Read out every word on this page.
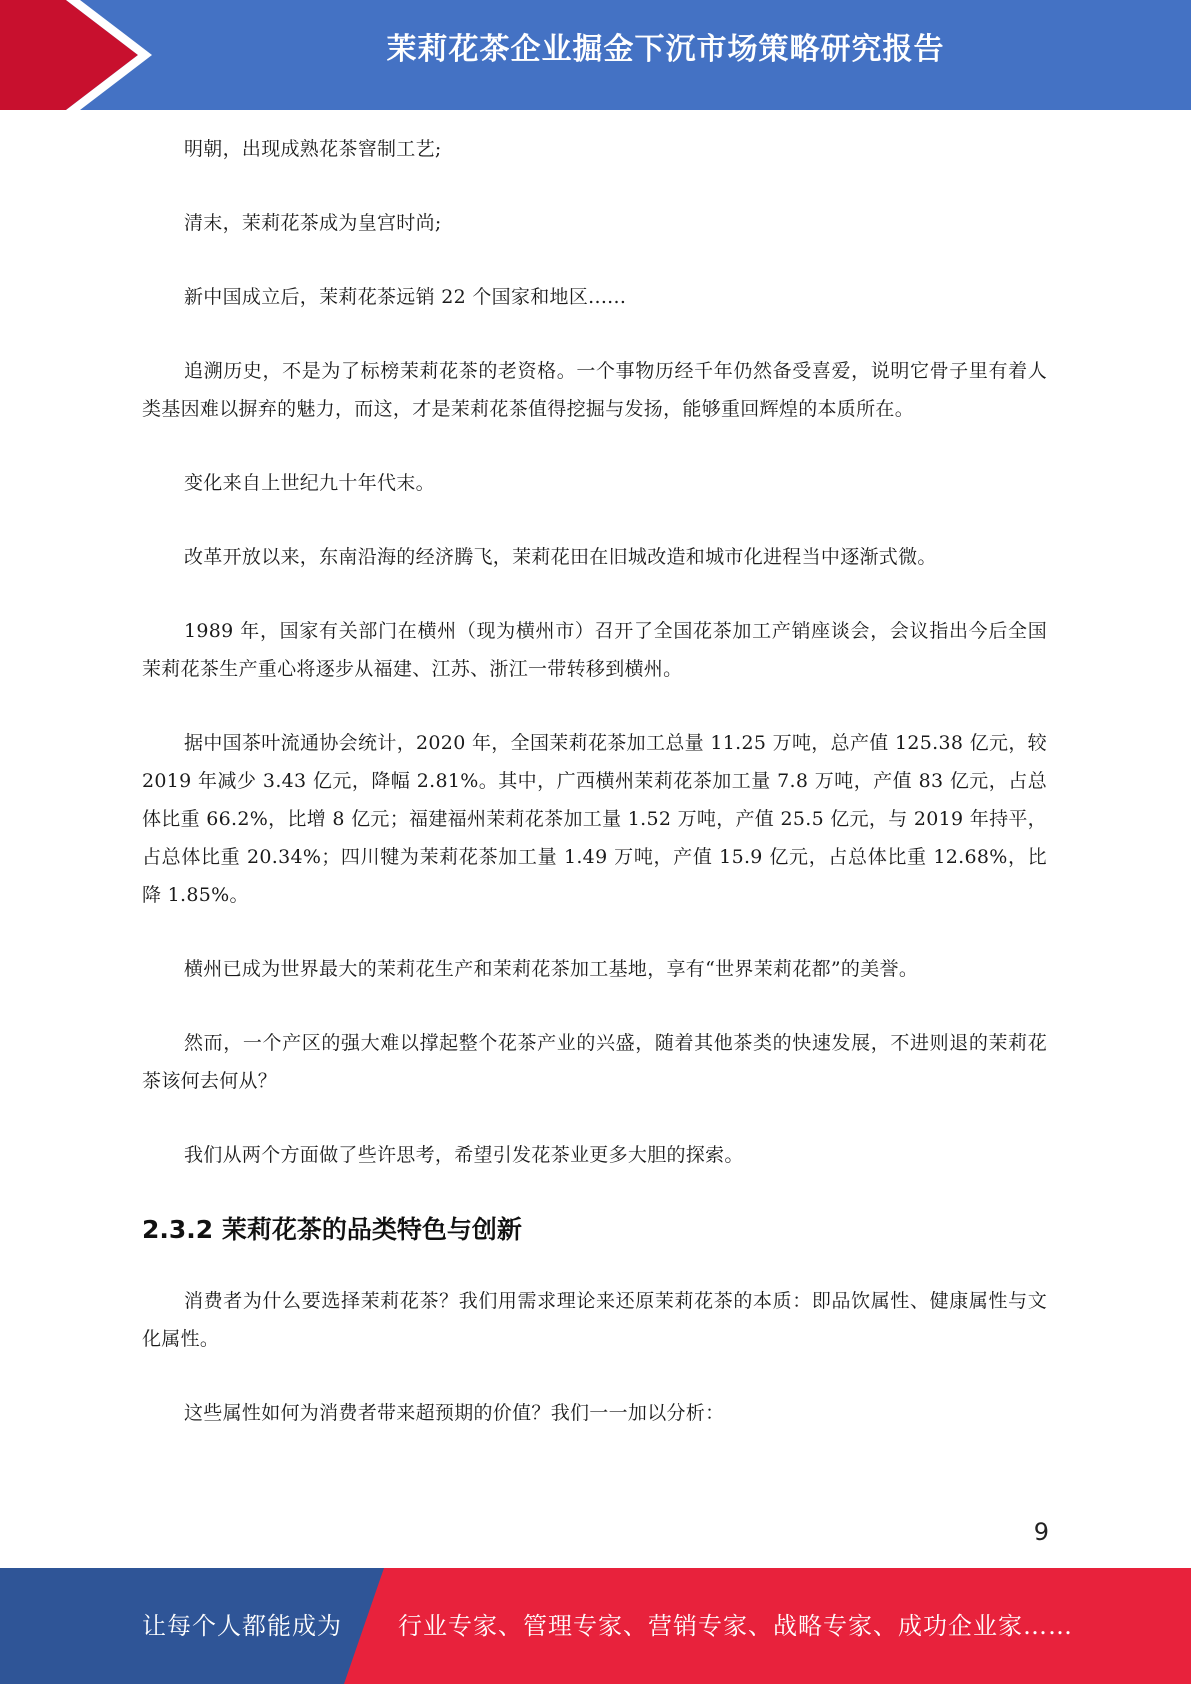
茉莉花茶企业掘金下沉市场策略研究报告

明朝，出现成熟花茶窨制工艺;

清末，茉莉花茶成为皇宫时尚;

新中国成立后，茉莉花茶远销 22 个国家和地区......

追溯历史，不是为了标榜茉莉花茶的老资格。一个事物历经千年仍然备受喜爱，说明它骨子里有着人类基因难以摒弃的魅力，而这，才是茉莉花茶值得挖掘与发扬，能够重回辉煌的本质所在。

变化来自上世纪九十年代末。

改革开放以来，东南沿海的经济腾飞，茉莉花田在旧城改造和城市化进程当中逐渐式微。

1989 年，国家有关部门在横州（现为横州市）召开了全国花茶加工产销座谈会，会议指出今后全国茉莉花茶生产重心将逐步从福建、江苏、浙江一带转移到横州。

据中国茶叶流通协会统计，2020 年，全国茉莉花茶加工总量 11.25 万吨，总产值 125.38 亿元，较 2019 年减少 3.43 亿元，降幅 2.81%。其中，广西横州茉莉花茶加工量 7.8 万吨，产值 83 亿元，占总体比重 66.2%，比增 8 亿元；福建福州茉莉花茶加工量 1.52 万吨，产值 25.5 亿元，与 2019 年持平，占总体比重 20.34%；四川犍为茉莉花茶加工量 1.49 万吨，产值 15.9 亿元，占总体比重 12.68%，比降 1.85%。

横州已成为世界最大的茉莉花生产和茉莉花茶加工基地，享有“世界茉莉花都”的美誉。

然而，一个产区的强大难以撑起整个花茶产业的兴盛，随着其他茶类的快速发展，不进则退的茉莉花茶该何去何从？

我们从两个方面做了些许思考，希望引发花茶业更多大胆的探索。

2.3.2 茉莉花茶的品类特色与创新

消费者为什么要选择茉莉花茶？我们用需求理论来还原茉莉花茶的本质：即品饮属性、健康属性与文化属性。

这些属性如何为消费者带来超预期的价值？我们一一加以分析：

9
让每个人都能成为 行业专家、管理专家、营销专家、战略专家、成功企业家……
